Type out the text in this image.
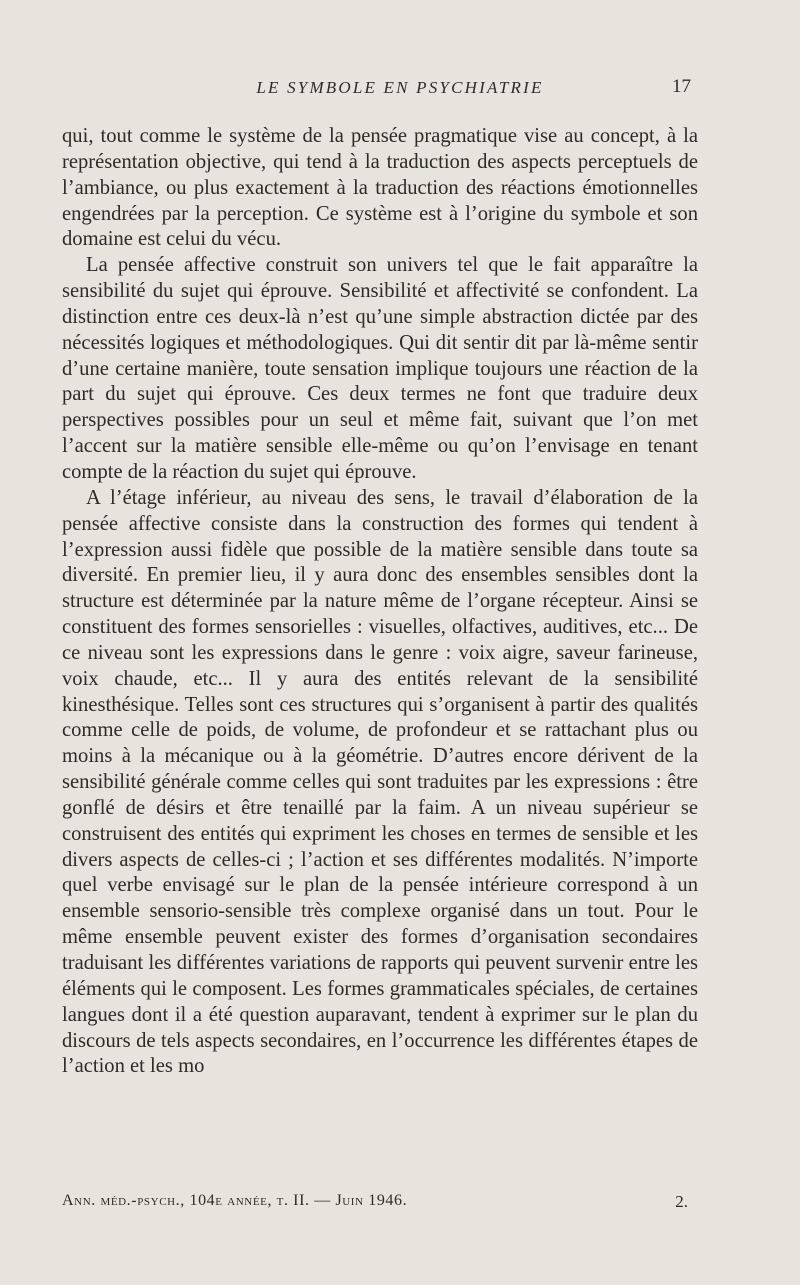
LE SYMBOLE EN PSYCHIATRIE	17

qui, tout comme le système de la pensée pragmatique vise au concept, à la représentation objective, qui tend à la traduction des aspects perceptuels de l’ambiance, ou plus exactement à la traduction des réactions émotionnelles engendrées par la perception. Ce système est à l’origine du symbole et son domaine est celui du vécu.

La pensée affective construit son univers tel que le fait apparaître la sensibilité du sujet qui éprouve. Sensibilité et affectivité se confondent. La distinction entre ces deux-là n’est qu’une simple abstraction dictée par des nécessités logiques et méthodologiques. Qui dit sentir dit par là-même sentir d’une certaine manière, toute sensation implique toujours une réaction de la part du sujet qui éprouve. Ces deux termes ne font que traduire deux perspectives possibles pour un seul et même fait, suivant que l’on met l’accent sur la matière sensible elle-même ou qu’on l’envisage en tenant compte de la réaction du sujet qui éprouve.

A l’étage inférieur, au niveau des sens, le travail d’élaboration de la pensée affective consiste dans la construction des formes qui tendent à l’expression aussi fidèle que possible de la matière sensible dans toute sa diversité. En premier lieu, il y aura donc des ensembles sensibles dont la structure est déterminée par la nature même de l’organe récepteur. Ainsi se constituent des formes sensorielles : visuelles, olfactives, auditives, etc... De ce niveau sont les expressions dans le genre : voix aigre, saveur farineuse, voix chaude, etc... Il y aura des entités relevant de la sensibilité kinesthésique. Telles sont ces structures qui s’organisent à partir des qualités comme celle de poids, de volume, de profondeur et se rattachant plus ou moins à la mécanique ou à la géométrie. D’autres encore dérivent de la sensibilité générale comme celles qui sont traduites par les expressions : être gonflé de désirs et être tenaillé par la faim. A un niveau supérieur se construisent des entités qui expriment les choses en termes de sensible et les divers aspects de celles-ci ; l’action et ses différentes modalités. N’importe quel verbe envisagé sur le plan de la pensée intérieure correspond à un ensemble sensorio-sensible très complexe organisé dans un tout. Pour le même ensemble peuvent exister des formes d’organisation secondaires traduisant les différentes variations de rapports qui peuvent survenir entre les éléments qui le composent. Les formes grammaticales spéciales, de certaines langues dont il a été question auparavant, tendent à exprimer sur le plan du discours de tels aspects secondaires, en l’occurrence les différentes étapes de l’action et les mo

Ann. méd.-psych., 104e année, t. II. — Juin 1946.	2.
